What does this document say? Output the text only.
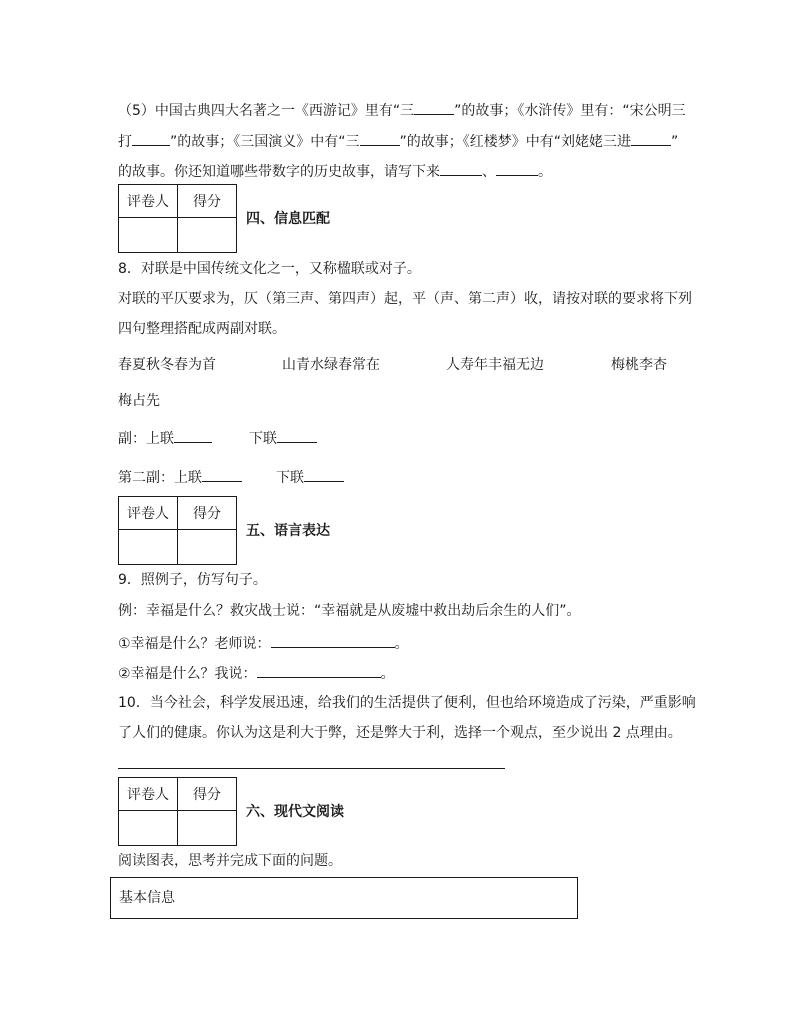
（5）中国古典四大名著之一《西游记》里有“三	”的故事；《水浒传》里有：“宋公明三
打	”的故事；《三国演义》中有“三	”的故事；《红楼梦》中有“刘姥姥三进	”
的故事。你还知道哪些带数字的历史故事，请写下来	、	。
评卷人	得分

四、信息匹配
8．对联是中国传统文化之一，又称楹联或对子。
对联的平仄要求为，仄（第三声、第四声）起，平（声、第二声）收，请按对联的要求将下列
四句整理搭配成两副对联。
春夏秋冬春为首	山青水绿春常在	人寿年丰福无边	梅桃李杏
梅占先
副：上联	下联
第二副：上联	下联
评卷人	得分

五、语言表达
9．照例子，仿写句子。
例：幸福是什么？救灾战士说：“幸福就是从废墟中救出劫后余生的人们”。
①幸福是什么？老师说：	。
②幸福是什么？我说：	。
10．当今社会，科学发展迅速，给我们的生活提供了便利，但也给环境造成了污染，严重影响
了人们的健康。你认为这是利大于弊，还是弊大于利，选择一个观点，至少说出 2 点理由。
评卷人	得分

六、现代文阅读
阅读图表，思考并完成下面的问题。
基本信息
